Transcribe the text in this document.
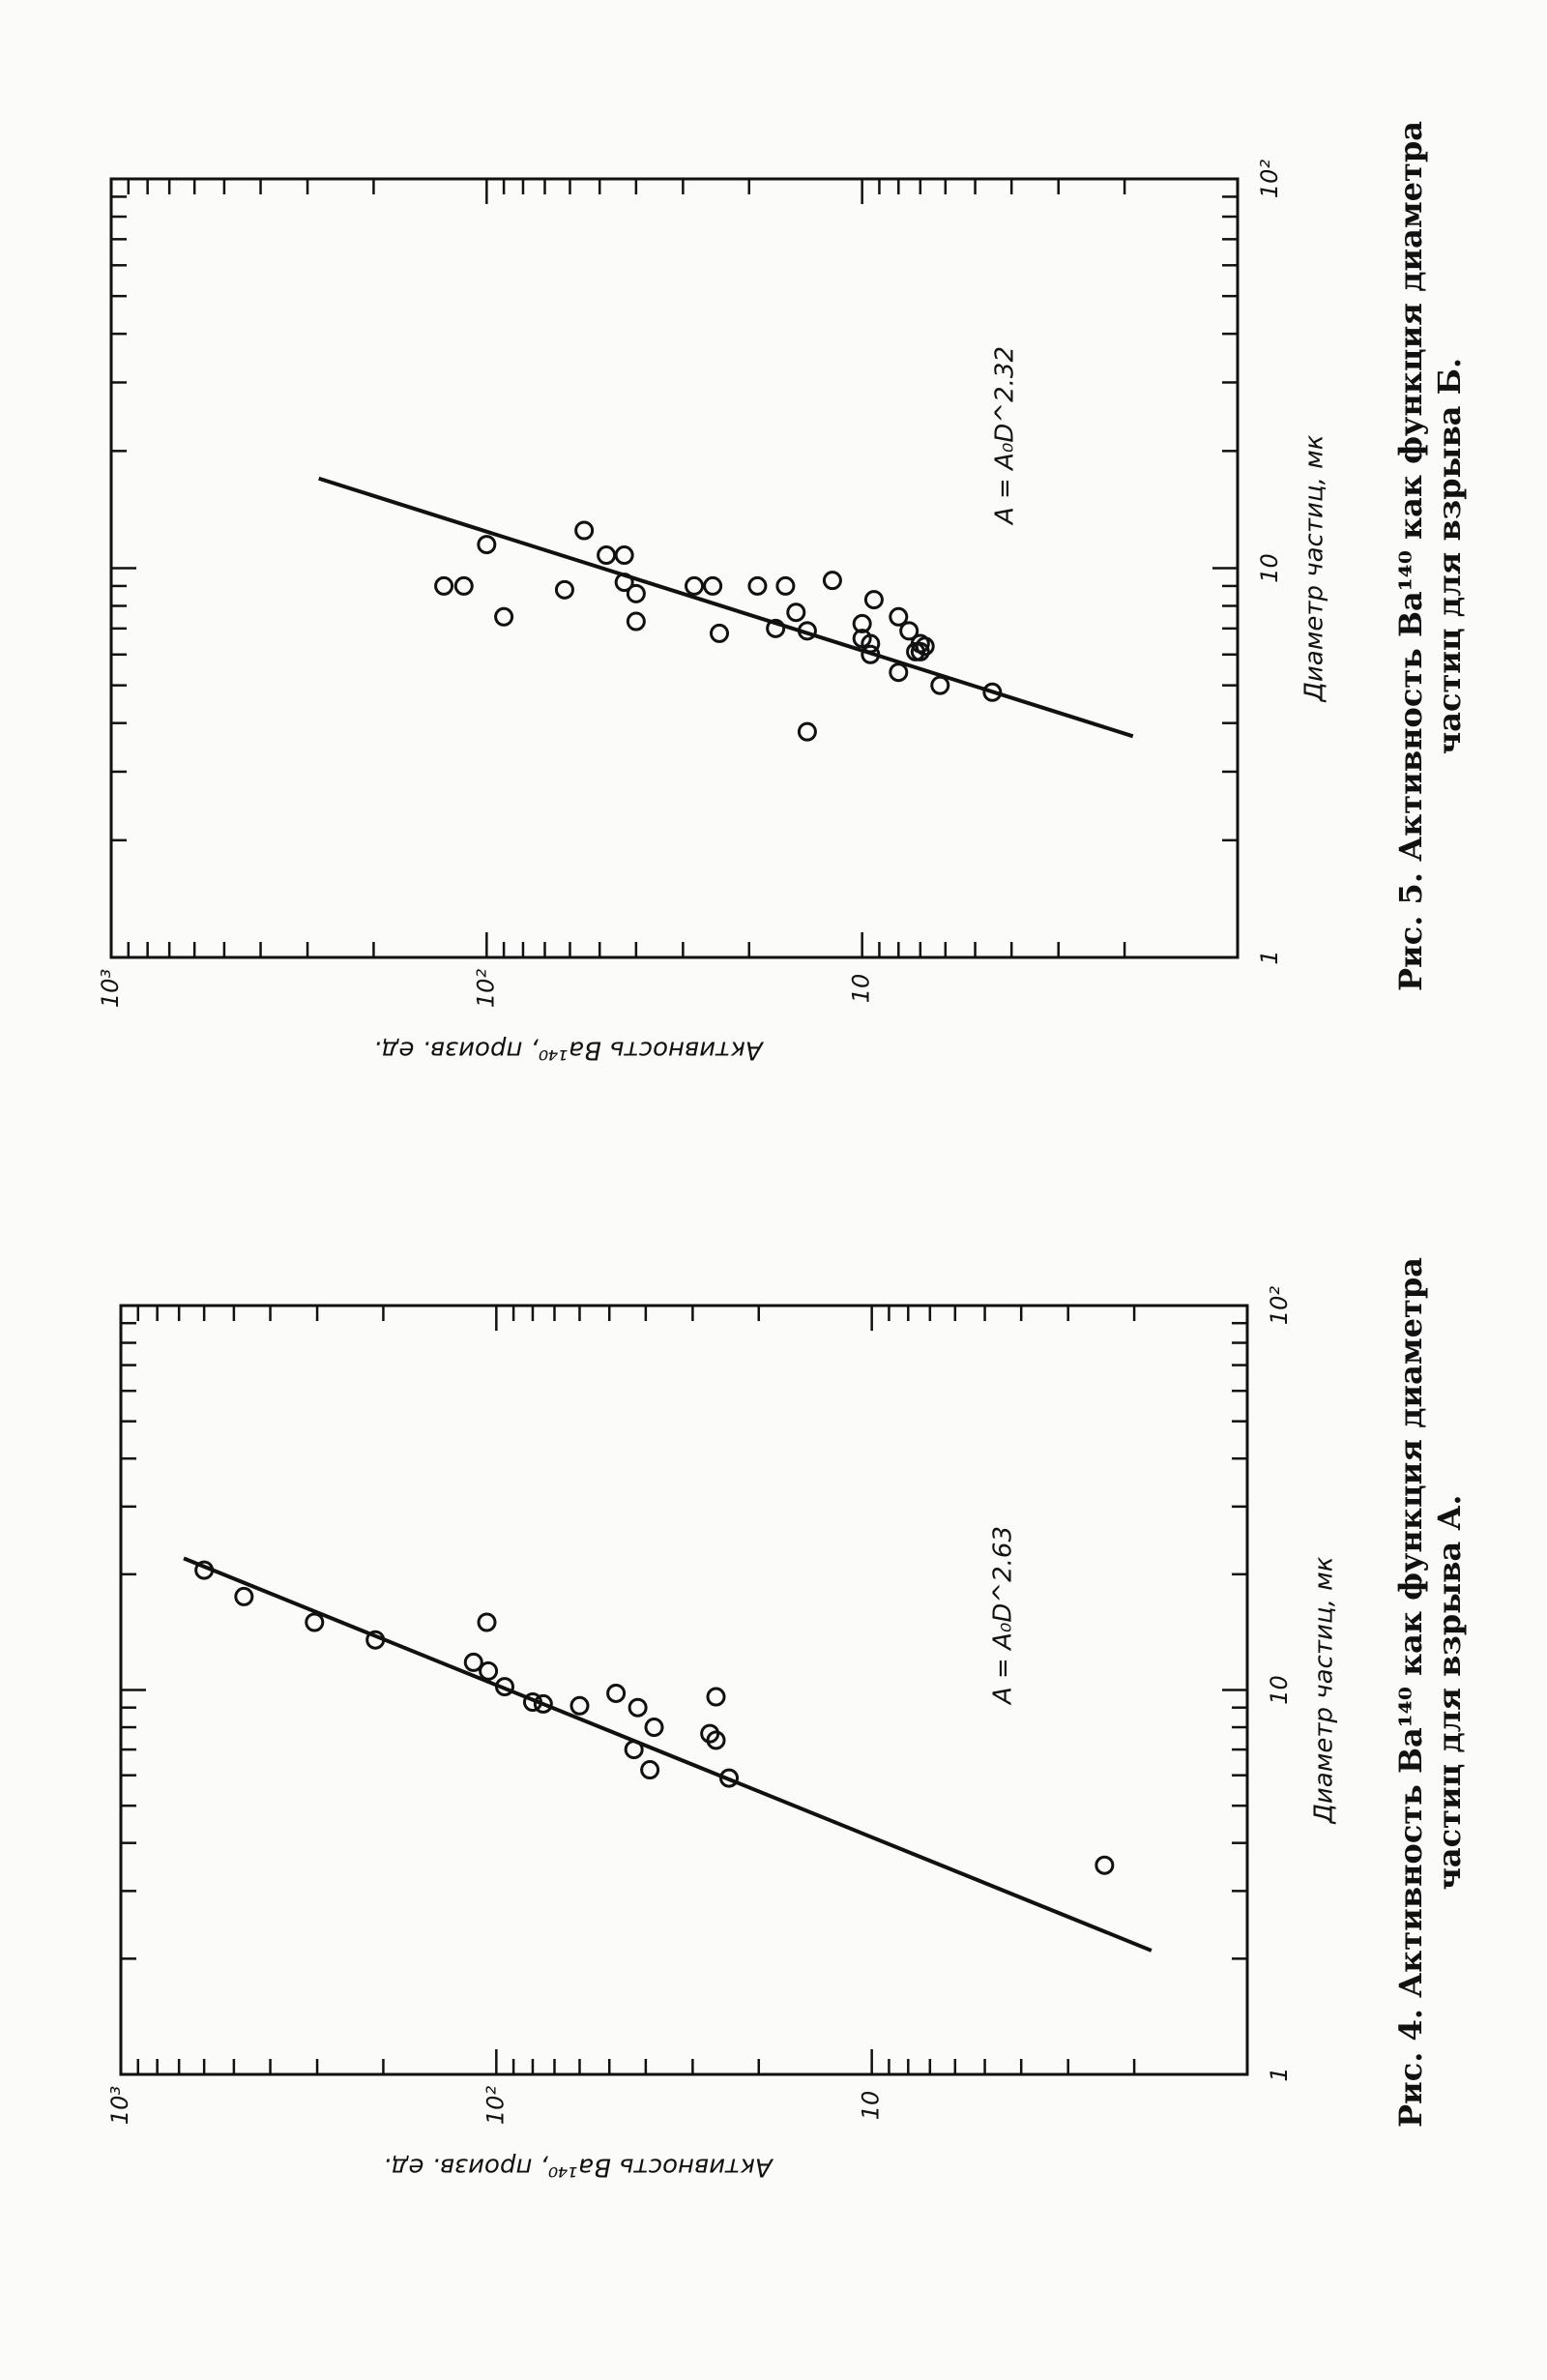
1
10
10²
10
10²
10³
Диаметр частиц, мк
Активность Ba¹⁴⁰, произв. ед.
A = A₀D^2.63	Рис. 4. Активность Ba¹⁴⁰ как функция диаметрачастиц для взрыва А.
1
10
10²
10
10²
10³
Диаметр частиц, мк
Активность Ba¹⁴⁰, произв. ед.
A = A₀D^2.32	Рис. 5. Активность Ba¹⁴⁰ как функция диаметрачастиц для взрыва Б.
